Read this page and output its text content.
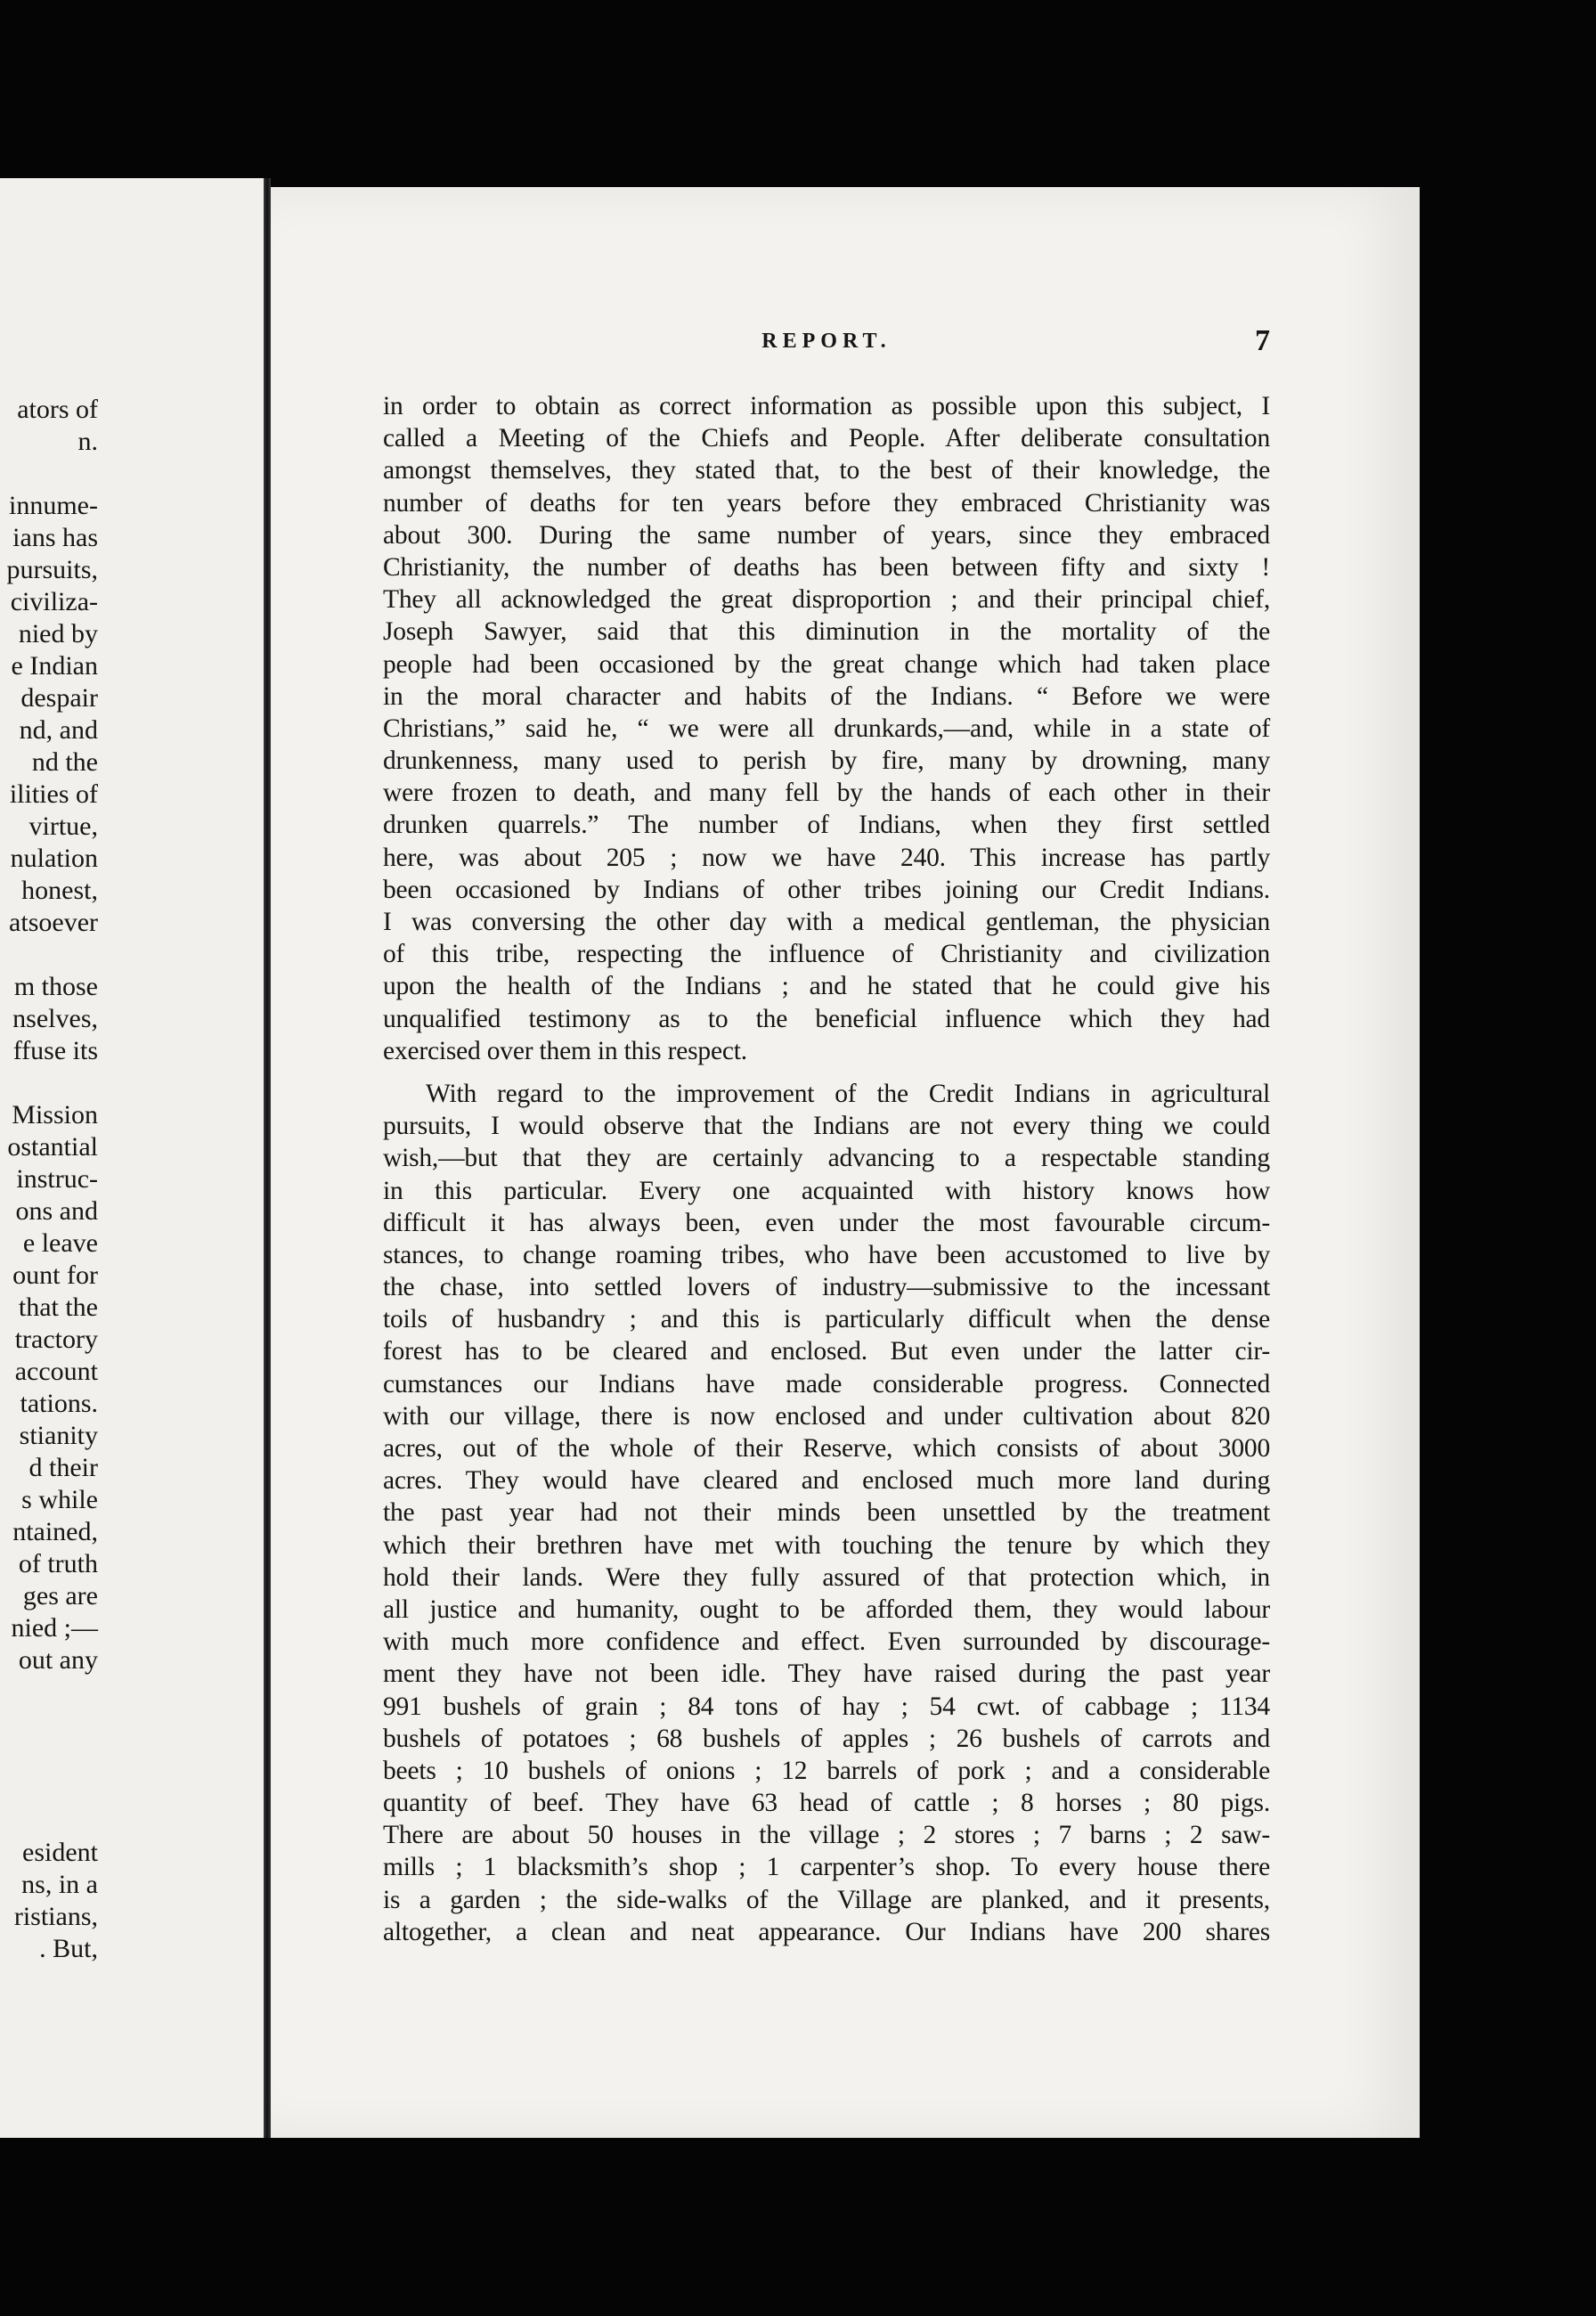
ators of
n.
innume-
ians has
pursuits,
civiliza-
nied by
e Indian
despair
nd, and
nd the
ilities of
virtue,
nulation
honest,
atsoever
m those
nselves,
ffuse its
Mission
ostantial
instruc-
ons and
e leave
ount for
that the
tractory
account
tations.
stianity
d their
s while
ntained,
of truth
ges are
nied ;—
out any
esident
ns, in a
ristians,
. But,
REPORT.	7
in order to obtain as correct information as possible upon this subject, I
called a Meeting of the Chiefs and People. After deliberate consultation
amongst themselves, they stated that, to the best of their knowledge, the
number of deaths for ten years before they embraced Christianity was
about 300. During the same number of years, since they embraced
Christianity, the number of deaths has been between fifty and sixty !
They all acknowledged the great disproportion ; and their principal chief,
Joseph Sawyer, said that this diminution in the mortality of the
people had been occasioned by the great change which had taken place
in the moral character and habits of the Indians. “ Before we were
Christians,” said he, “ we were all drunkards,—and, while in a state of
drunkenness, many used to perish by fire, many by drowning, many
were frozen to death, and many fell by the hands of each other in their
drunken quarrels.” The number of Indians, when they first settled
here, was about 205 ; now we have 240. This increase has partly
been occasioned by Indians of other tribes joining our Credit Indians.
I was conversing the other day with a medical gentleman, the physician
of this tribe, respecting the influence of Christianity and civilization
upon the health of the Indians ; and he stated that he could give his
unqualified testimony as to the beneficial influence which they had
exercised over them in this respect.
With regard to the improvement of the Credit Indians in agricultural
pursuits, I would observe that the Indians are not every thing we could
wish,—but that they are certainly advancing to a respectable standing
in this particular. Every one acquainted with history knows how
difficult it has always been, even under the most favourable circum-
stances, to change roaming tribes, who have been accustomed to live by
the chase, into settled lovers of industry—submissive to the incessant
toils of husbandry ; and this is particularly difficult when the dense
forest has to be cleared and enclosed. But even under the latter cir-
cumstances our Indians have made considerable progress. Connected
with our village, there is now enclosed and under cultivation about 820
acres, out of the whole of their Reserve, which consists of about 3000
acres. They would have cleared and enclosed much more land during
the past year had not their minds been unsettled by the treatment
which their brethren have met with touching the tenure by which they
hold their lands. Were they fully assured of that protection which, in
all justice and humanity, ought to be afforded them, they would labour
with much more confidence and effect. Even surrounded by discourage-
ment they have not been idle. They have raised during the past year
991 bushels of grain ; 84 tons of hay ; 54 cwt. of cabbage ; 1134
bushels of potatoes ; 68 bushels of apples ; 26 bushels of carrots and
beets ; 10 bushels of onions ; 12 barrels of pork ; and a considerable
quantity of beef. They have 63 head of cattle ; 8 horses ; 80 pigs.
There are about 50 houses in the village ; 2 stores ; 7 barns ; 2 saw-
mills ; 1 blacksmith’s shop ; 1 carpenter’s shop. To every house there
is a garden ; the side-walks of the Village are planked, and it presents,
altogether, a clean and neat appearance. Our Indians have 200 shares
